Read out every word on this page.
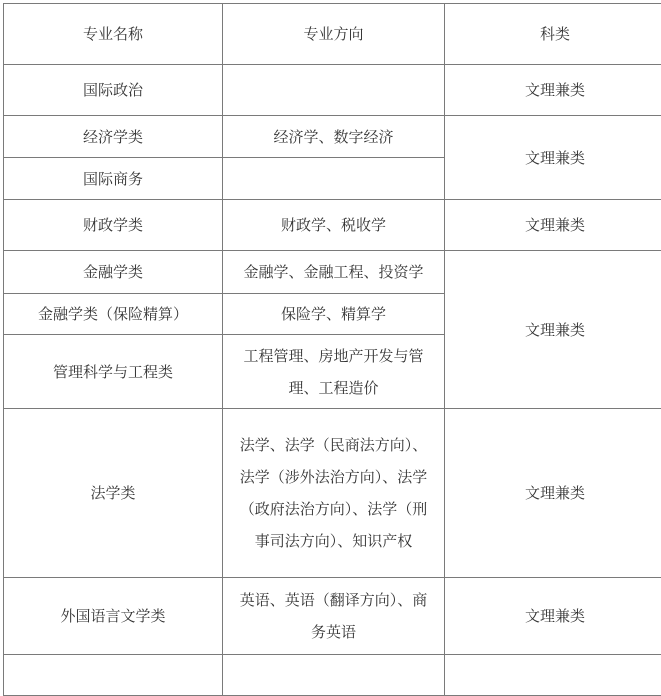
专业名称	专业方向	科类
国际政治		文理兼类
经济学类	经济学、数字经济	文理兼类
国际商务		
财政学类	财政学、税收学	文理兼类
金融学类	金融学、金融工程、投资学	文理兼类
金融学类（保险精算）	保险学、精算学	
管理科学与工程类	工程管理、房地产开发与管理、工程造价	
法学类	法学、法学（民商法方向）、法学（涉外法治方向）、法学（政府法治方向）、法学（刑事司法方向）、知识产权	文理兼类
外国语言文学类	英语、英语（翻译方向）、商务英语	文理兼类
